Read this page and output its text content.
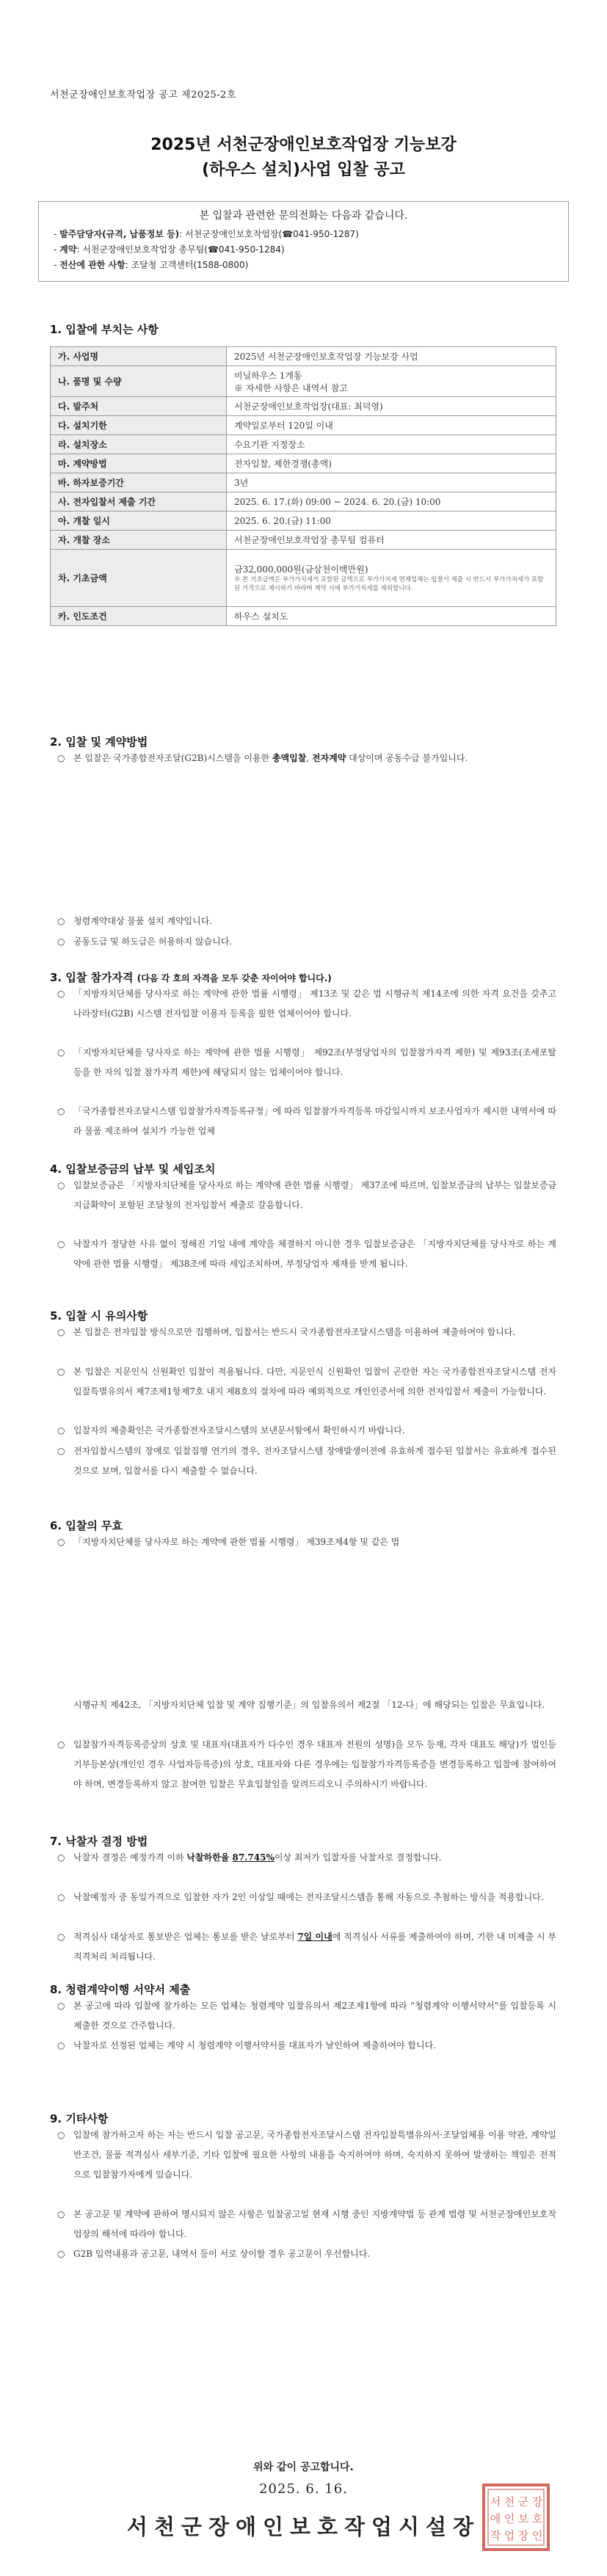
서천군장애인보호작업장 공고 제2025-2호
2025년 서천군장애인보호작업장 기능보강
(하우스 설치)사업 입찰 공고
본 입찰과 관련한 문의전화는 다음과 같습니다.
- 발주담당자(규격, 납품정보 등): 서천군장애인보호작업장(☎041-950-1287)
- 계약: 서천군장애인보호작업장 총무팀(☎041-950-1284)
- 전산에 관한 사항: 조달청 고객센터(1588-0800)
1. 입찰에 부치는 사항
가. 사업명	2025년 서천군장애인보호작업장 기능보강 사업
나. 품명 및 수량	비닐하우스 1개동
※ 자세한 사항은 내역서 참고

다. 발주처	서천군장애인보호작업장(대표: 최덕영)
다. 설치기한	계약일로부터 120일 이내
라. 설치장소	수요기관 지정장소
마. 계약방법	전자입찰, 제한경쟁(총액)
바. 하자보증기간	3년
사. 전자입찰서 제출 기간	2025. 6. 17.(화) 09:00 ~ 2024. 6. 20.(금) 10:00
아. 개찰 일시	2025. 6. 20.(금) 11:00
자. 개찰 장소	서천군장애인보호작업장 총무팀 컴퓨터
차. 기초금액	금32,000,000원(금삼천이백만원)
※ 본 기초금액은 부가가치세가 포함된 금액으로 부가가치세 면제업체는 입찰서 제출 시 반드시 부가가치세가 포함된 가격으로 제시하기 바라며 계약 시에 부가가치세를 제외합니다.

카. 인도조건	하우스 설치도
2. 입찰 및 계약방법
○ 본 입찰은 국가종합전자조달(G2B)시스템을 이용한 총액입찰, 전자계약 대상이며 공동수급 불가입니다.
○ 청렴계약대상 물품 설치 계약입니다.
○ 공동도급 및 하도급은 허용하지 않습니다.
3. 입찰 참가자격 (다음 각 호의 자격을 모두 갖춘 자이어야 합니다.)
○ 「지방자치단체를 당사자로 하는 계약에 관한 법률 시행령」 제13조 및 같은 법 시행규칙 제14조에 의한 자격 요건을 갖추고 나라장터(G2B) 시스템 전자입찰 이용자 등록을 필한 업체이어야 합니다.
○ 「지방자치단체를 당사자로 하는 계약에 관한 법률 시행령」 제92조(부정당업자의 입찰참가자격 제한) 및 제93조(조세포탈 등을 한 자의 입찰 참가자격 제한)에 해당되지 않는 업체이어야 합니다.
○ 「국가종합전자조달시스템 입찰참가자격등록규정」에 따라 입찰참가자격등록 마감일시까지 보조사업자가 제시한 내역서에 따라 물품 제조하여 설치가 가능한 업체
4. 입찰보증금의 납부 및 세입조치
○ 입찰보증금은 「지방자치단체를 당사자로 하는 계약에 관한 법률 시행령」 제37조에 따르며, 입찰보증금의 납부는 입찰보증금 지급확약이 포함된 조달청의 전자입찰서 제출로 갈음합니다.
○ 낙찰자가 정당한 사유 없이 정해진 기일 내에 계약을 체결하지 아니한 경우 입찰보증금은 「지방자치단체를 당사자로 하는 계약에 관한 법률 시행령」 제38조에 따라 세입조치하며, 부정당업자 제재를 받게 됩니다.
5. 입찰 시 유의사항
○ 본 입찰은 전자입찰 방식으로만 집행하며, 입찰서는 반드시 국가종합전자조달시스템을 이용하여 제출하여야 합니다.
○ 본 입찰은 지문인식 신원확인 입찰이 적용됩니다. 다만, 지문인식 신원확인 입찰이 곤란한 자는 국가종합전자조달시스템 전자입찰특별유의서 제7조제1항제7호 내지 제8호의 절차에 따라 예외적으로 개인인증서에 의한 전자입찰서 제출이 가능합니다.
○ 입찰자의 제출확인은 국가종합전자조달시스템의 보낸문서함에서 확인하시기 바랍니다.
○ 전자입찰시스템의 장애로 입찰집행 연기의 경우, 전자조달시스템 장애발생이전에 유효하게 접수된 입찰서는 유효하게 접수된 것으로 보며, 입찰서를 다시 제출할 수 없습니다.
6. 입찰의 무효
○ 「지방자치단체를 당사자로 하는 계약에 관한 법률 시행령」 제39조제4항 및 같은 법
시행규칙 제42조, 「지방자치단체 입찰 및 계약 집행기준」의 입찰유의서 제2절 「12-다」에 해당되는 입찰은 무효입니다.
○ 입찰참가자격등록증상의 상호 및 대표자(대표자가 다수인 경우 대표자 전원의 성명)을 모두 등재, 각자 대표도 해당)가 법인등기부등본상(개인인 경우 사업자등록증)의 상호, 대표자와 다른 경우에는 입찰참가자격등록증을 변경등록하고 입찰에 참여하여야 하며, 변경등록하지 않고 참여한 입찰은 무효입찰임을 알려드리오니 주의하시기 바랍니다.
7. 낙찰자 결정 방법
○ 낙찰자 결정은 예정가격 이하 낙찰하한율 87.745%이상 최저가 입찰자를 낙찰자로 결정합니다.
○ 낙찰예정자 중 동일가격으로 입찰한 자가 2인 이상일 때에는 전자조달시스템을 통해 자동으로 추첨하는 방식을 적용합니다.
○ 적격심사 대상자로 통보받은 업체는 통보를 받은 날로부터 7일 이내에 적격심사 서류를 제출하여야 하며, 기한 내 미제출 시 부적격처리 처리됩니다.
8. 청렴계약이행 서약서 제출
○ 본 공고에 따라 입찰에 참가하는 모든 업체는 청렴계약 입찰유의서 제2조제1항에 따라 "청렴계약 이행서약서"를 입찰등록 시 제출한 것으로 간주합니다.
○ 낙찰자로 선정된 업체는 계약 시 청렴계약 이행서약서를 대표자가 날인하여 제출하여야 합니다.
9. 기타사항
○ 입찰에 참가하고자 하는 자는 반드시 입찰 공고문, 국가종합전자조달시스템 전자입찰특별유의서·조달업체용 이용 약관, 계약일반조건, 물품 적격심사 세부기준, 기타 입찰에 필요한 사항의 내용을 숙지하여야 하며, 숙지하지 못하여 발생하는 책임은 전적으로 입찰참가자에게 있습니다.
○ 본 공고문 및 계약에 관하여 명시되지 않은 사항은 입찰공고일 현재 시행 중인 지방계약법 등 관계 법령 및 서천군장애인보호작업장의 해석에 따라야 합니다.
○ G2B 입력내용과 공고문, 내역서 등이 서로 상이할 경우 공고문이 우선합니다.
위와 같이 공고합니다.
2025. 6. 16.
서천군장애인보호작업시설장
서 천 군 장
애 인 보 호
작 업 장 인
